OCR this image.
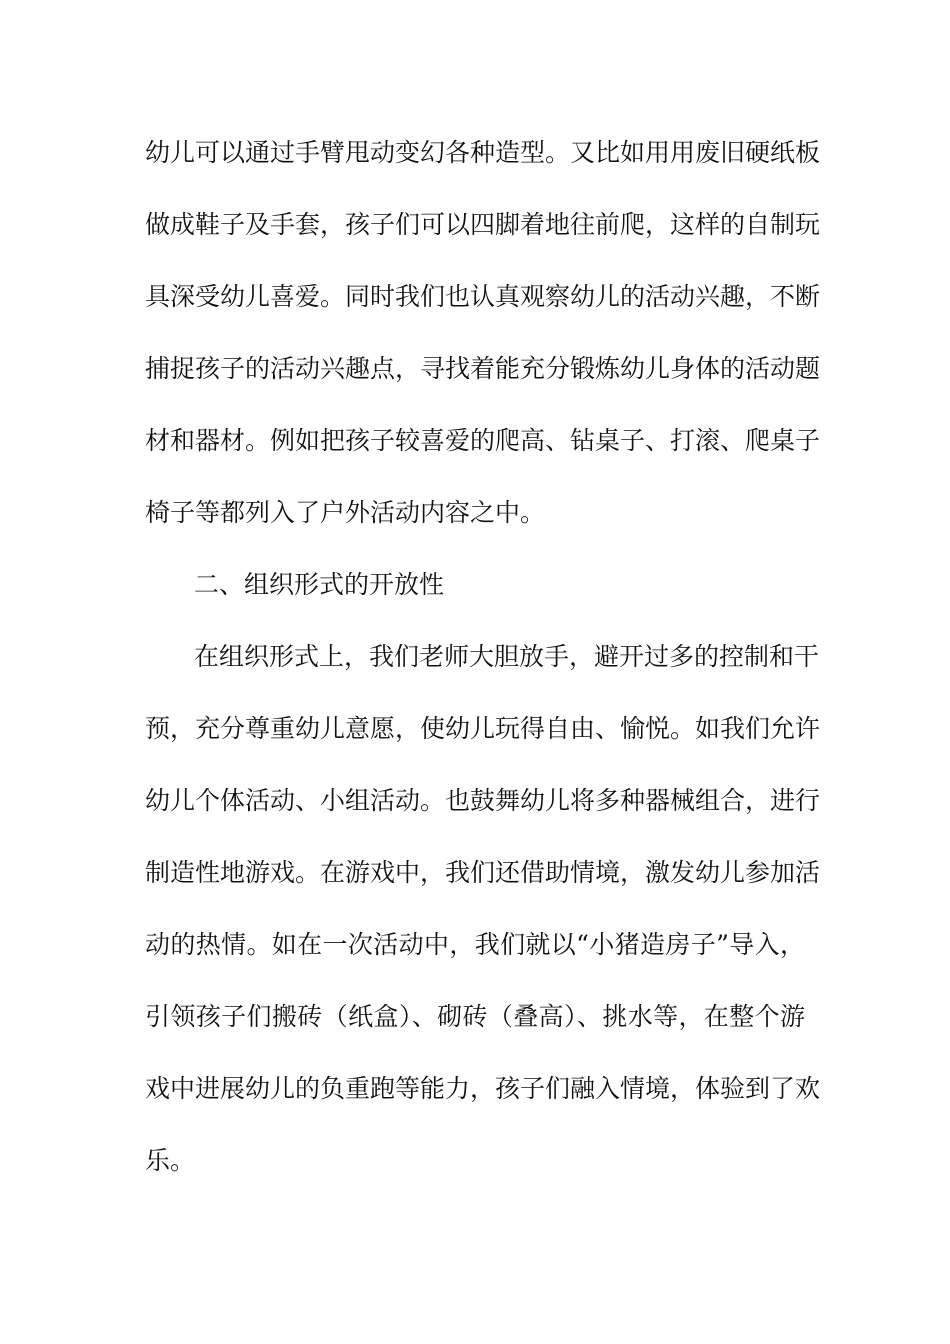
幼儿可以通过手臂甩动变幻各种造型。又比如用用废旧硬纸板
做成鞋子及手套，孩子们可以四脚着地往前爬，这样的自制玩
具深受幼儿喜爱。同时我们也认真观察幼儿的活动兴趣，不断
捕捉孩子的活动兴趣点，寻找着能充分锻炼幼儿身体的活动题
材和器材。例如把孩子较喜爱的爬高、钻桌子、打滚、爬桌子
椅子等都列入了户外活动内容之中。
二、组织形式的开放性
在组织形式上，我们老师大胆放手，避开过多的控制和干
预，充分尊重幼儿意愿，使幼儿玩得自由、愉悦。如我们允许
幼儿个体活动、小组活动。也鼓舞幼儿将多种器械组合，进行
制造性地游戏。在游戏中，我们还借助情境，激发幼儿参加活
动的热情。如在一次活动中，我们就以“小猪造房子”导入，
引领孩子们搬砖（纸盒）、砌砖（叠高）、挑水等，在整个游
戏中进展幼儿的负重跑等能力，孩子们融入情境，体验到了欢
乐。
